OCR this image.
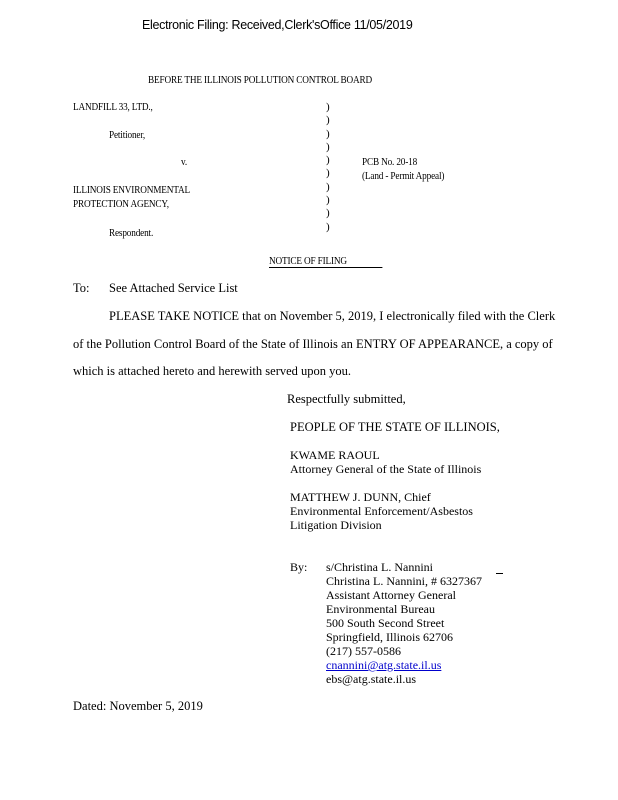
Electronic Filing: Received,Clerk'sOffice 11/05/2019
BEFORE THE ILLINOIS POLLUTION CONTROL BOARD
LANDFILL 33, LTD.,
Petitioner,
v.
ILLINOIS ENVIRONMENTAL
PROTECTION AGENCY,
Respondent.
)
)
)
)
)
)
)
)
)
)
PCB No. 20-18
(Land - Permit Appeal)
NOTICE OF FILING
To: See Attached Service List
PLEASE TAKE NOTICE that on November 5, 2019, I electronically filed with the Clerk
of the Pollution Control Board of the State of Illinois an ENTRY OF APPEARANCE, a copy of
which is attached hereto and herewith served upon you.
Respectfully submitted,
PEOPLE OF THE STATE OF ILLINOIS,
KWAME RAOUL
Attorney General of the State of Illinois
MATTHEW J. DUNN, Chief
Environmental Enforcement/Asbestos
Litigation Division
By: s/Christina L. Nannini
Christina L. Nannini, # 6327367
Assistant Attorney General
Environmental Bureau
500 South Second Street
Springfield, Illinois 62706
(217) 557-0586
cnannini@atg.state.il.us
ebs@atg.state.il.us
Dated: November 5, 2019
